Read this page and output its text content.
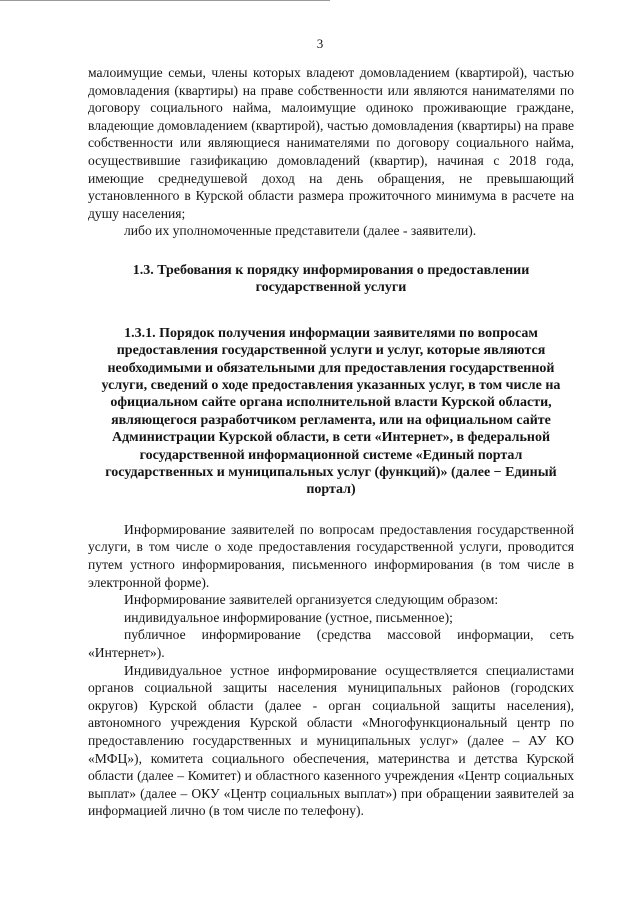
3

малоимущие семьи, члены которых владеют домовладением (квартирой), частью домовладения (квартиры) на праве собственности или являются нанимателями по договору социального найма, малоимущие одиноко проживающие граждане, владеющие домовладением (квартирой), частью домовладения (квартиры) на праве собственности или являющиеся нанимателями по договору социального найма, осуществившие газификацию домовладений (квартир), начиная с 2018 года, имеющие среднедушевой доход на день обращения, не превышающий установленного в Курской области размера прожиточного минимума в расчете на душу населения;

либо их уполномоченные представители (далее - заявители).

1.3. Требования к порядку информирования о предоставлении государственной услуги
1.3.1. Порядок получения информации заявителями по вопросам предоставления государственной услуги и услуг, которые являются необходимыми и обязательными для предоставления государственной услуги, сведений о ходе предоставления указанных услуг, в том числе на официальном сайте органа исполнительной власти Курской области, являющегося разработчиком регламента, или на официальном сайте Администрации Курской области, в сети «Интернет», в федеральной государственной информационной системе «Единый портал государственных и муниципальных услуг (функций)» (далее − Единый портал)

Информирование заявителей по вопросам предоставления государственной услуги, в том числе о ходе предоставления государственной услуги, проводится путем устного информирования, письменного информирования (в том числе в электронной форме).

Информирование заявителей организуется следующим образом:

индивидуальное информирование (устное, письменное);

публичное информирование (средства массовой информации, сеть «Интернет»).

Индивидуальное устное информирование осуществляется специалистами органов социальной защиты населения муниципальных районов (городских округов) Курской области (далее - орган социальной защиты населения), автономного учреждения Курской области «Многофункциональный центр по предоставлению государственных и муниципальных услуг» (далее – АУ КО «МФЦ»), комитета социального обеспечения, материнства и детства Курской области (далее – Комитет) и областного казенного учреждения «Центр социальных выплат» (далее – ОКУ «Центр социальных выплат») при обращении заявителей за информацией лично (в том числе по телефону).
